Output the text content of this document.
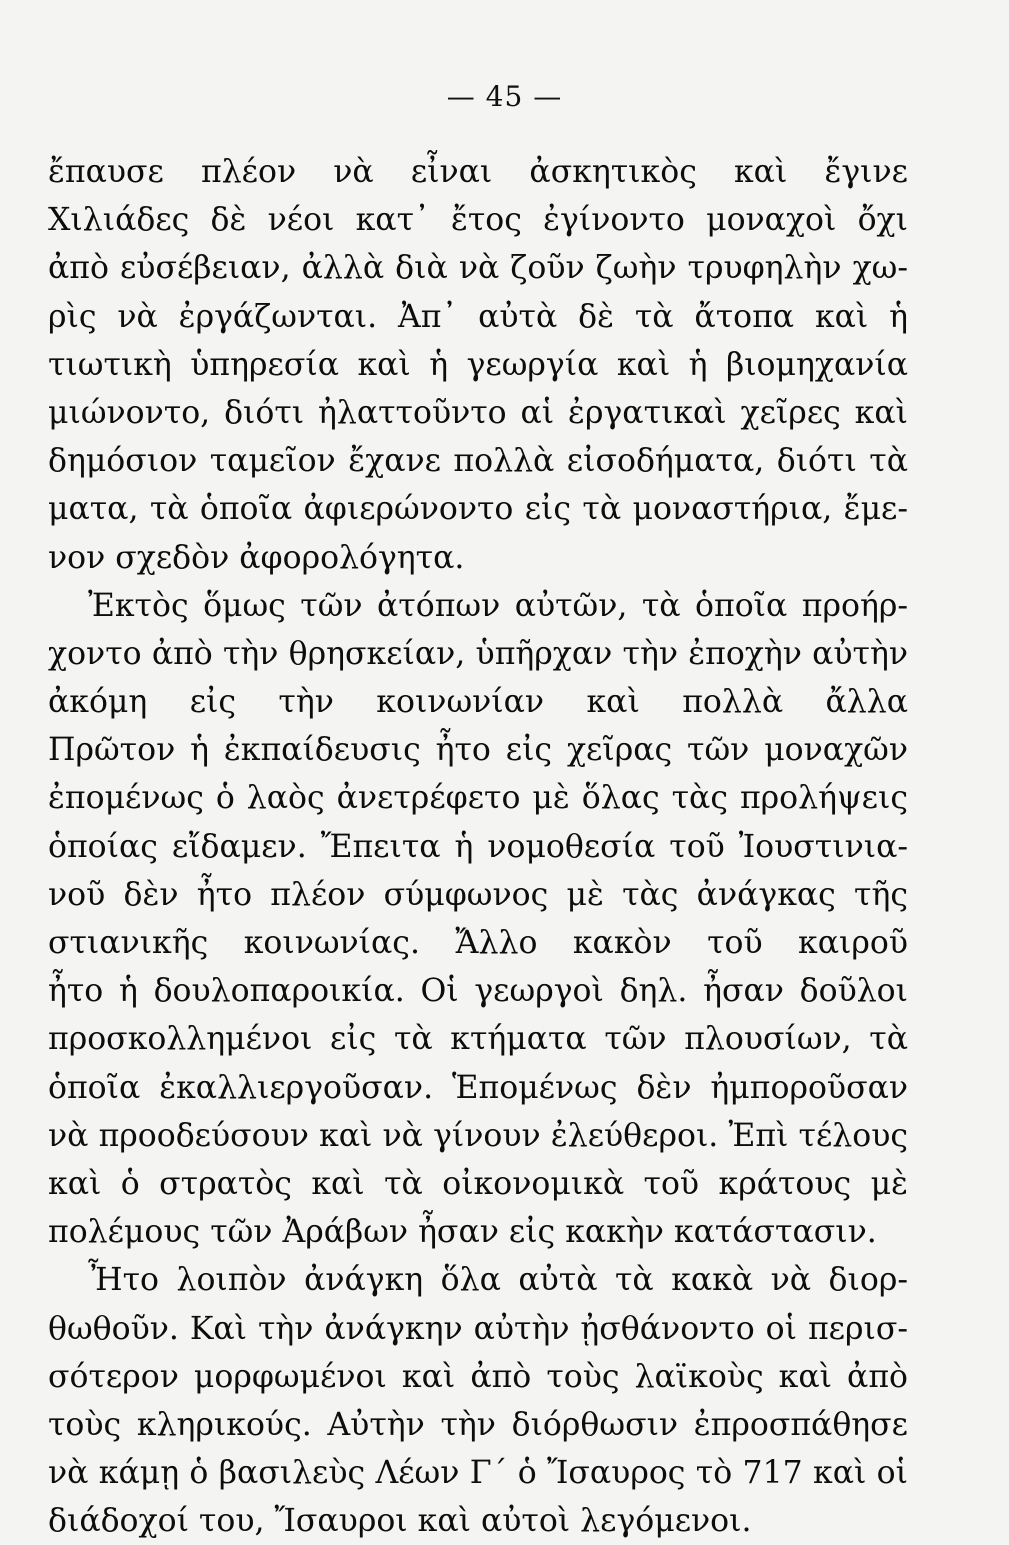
— 45 —
ἔπαυσε πλέον νὰ εἶναι ἀσκητικὸς καὶ ἔγινε
Χιλιάδες δὲ νέοι κατ᾿ ἔτος ἐγίνοντο μοναχοὶ ὄχι
ἀπὸ εὐσέβειαν, ἀλλὰ διὰ νὰ ζοῦν ζωὴν τρυφηλὴν χω-
ρὶς νὰ ἐργάζωνται. Ἀπ᾿ αὐτὰ δὲ τὰ ἄτοπα καὶ ἡ
τιωτικὴ ὑπηρεσία καὶ ἡ γεωργία καὶ ἡ βιομηχανία
μιώνοντο, διότι ἠλαττοῦντο αἱ ἐργατικαὶ χεῖρες καὶ
δημόσιον ταμεῖον ἔχανε πολλὰ εἰσοδήματα, διότι τὰ
ματα, τὰ ὁποῖα ἀφιερώνοντο εἰς τὰ μοναστήρια, ἔμε-
νον σχεδὸν ἀφορολόγητα.
Ἐκτὸς ὅμως τῶν ἀτόπων αὐτῶν, τὰ ὁποῖα προήρ-
χοντο ἀπὸ τὴν θρησκείαν, ὑπῆρχαν τὴν ἐποχὴν αὐτὴν
ἀκόμη εἰς τὴν κοινωνίαν καὶ πολλὰ ἄλλα
Πρῶτον ἡ ἐκπαίδευσις ἦτο εἰς χεῖρας τῶν μοναχῶν
ἐπομένως ὁ λαὸς ἀνετρέφετο μὲ ὅλας τὰς προλήψεις
ὁποίας εἴδαμεν. Ἔπειτα ἡ νομοθεσία τοῦ Ἰουστινια-
νοῦ δὲν ἦτο πλέον σύμφωνος μὲ τὰς ἀνάγκας τῆς
στιανικῆς κοινωνίας. Ἄλλο κακὸν τοῦ καιροῦ
ἦτο ἡ δουλοπαροικία. Οἱ γεωργοὶ δηλ. ἦσαν δοῦλοι
προσκολλημένοι εἰς τὰ κτήματα τῶν πλουσίων, τὰ
ὁποῖα ἐκαλλιεργοῦσαν. Ἑπομένως δὲν ἠμποροῦσαν
νὰ προοδεύσουν καὶ νὰ γίνουν ἐλεύθεροι. Ἐπὶ τέλους
καὶ ὁ στρατὸς καὶ τὰ οἰκονομικὰ τοῦ κράτους μὲ
πολέμους τῶν Ἀράβων ἦσαν εἰς κακὴν κατάστασιν.
Ἦτο λοιπὸν ἀνάγκη ὅλα αὐτὰ τὰ κακὰ νὰ διορ-
θωθοῦν. Καὶ τὴν ἀνάγκην αὐτὴν ᾐσθάνοντο οἱ περισ-
σότερον μορφωμένοι καὶ ἀπὸ τοὺς λαϊκοὺς καὶ ἀπὸ
τοὺς κληρικούς. Αὐτὴν τὴν διόρθωσιν ἐπροσπάθησε
νὰ κάμῃ ὁ βασιλεὺς Λέων Γ´ ὁ Ἴσαυρος τὸ 717 καὶ οἱ
διάδοχοί του, Ἴσαυροι καὶ αὐτοὶ λεγόμενοι.
